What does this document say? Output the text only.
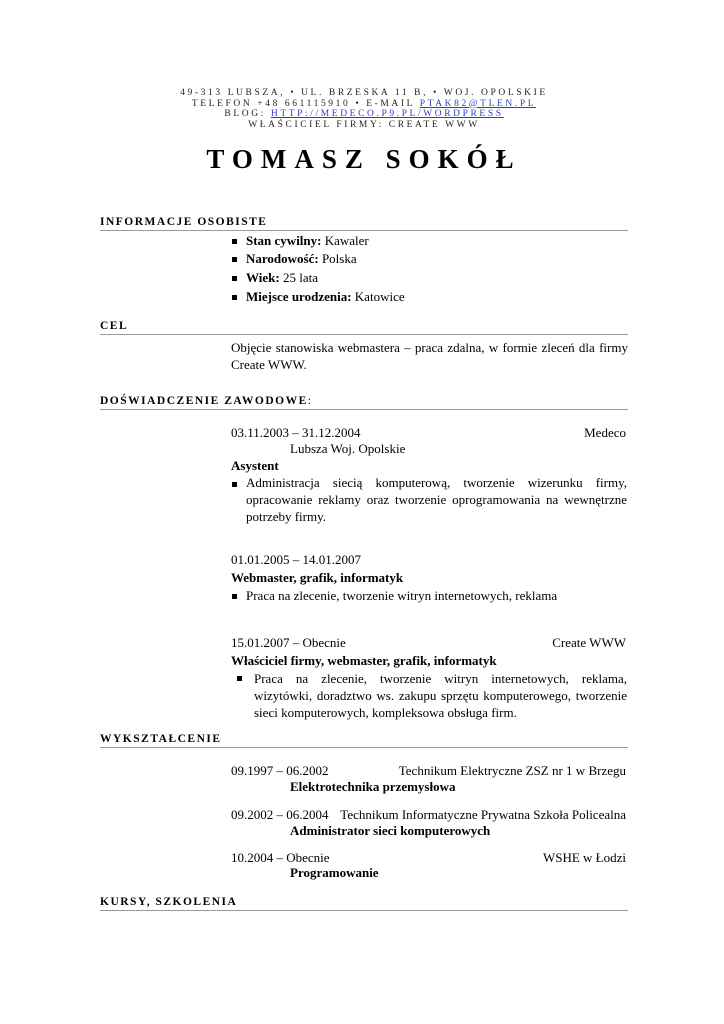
49-313 LUBSZA, • UL. BRZESKA 11 B, • WOJ. OPOLSKIE
TELEFON +48 661115910 • E-MAIL PTAK82@TLEN.PL
BLOG: HTTP://MEDECO.P9.PL/WORDPRESS
WŁAŚCICIEL FIRMY: CREATE WWW
TOMASZ SOKÓŁ
INFORMACJE OSOBISTE
Stan cywilny: Kawaler
Narodowość: Polska
Wiek: 25 lata
Miejsce urodzenia: Katowice
CEL
Objęcie stanowiska webmastera – praca zdalna, w formie zleceń dla firmy Create WWW.
DOŚWIADCZENIE ZAWODOWE:
03.11.2003 – 31.12.2004	Medeco
Lubsza Woj. Opolskie
Asystent
Administracja siecią komputerową, tworzenie wizerunku firmy, opracowanie reklamy oraz tworzenie oprogramowania na wewnętrzne potrzeby firmy.
01.01.2005 – 14.01.2007
Webmaster, grafik, informatyk
Praca na zlecenie, tworzenie witryn internetowych, reklama
15.01.2007 – Obecnie	Create WWW
Właściciel firmy, webmaster, grafik, informatyk
Praca na zlecenie, tworzenie witryn internetowych, reklama, wizytówki, doradztwo ws. zakupu sprzętu komputerowego, tworzenie sieci komputerowych, kompleksowa obsługa firm.
WYKSZTAŁCENIE
09.1997 – 06.2002	Technikum Elektryczne ZSZ nr 1 w Brzegu
Elektrotechnika przemysłowa
09.2002 – 06.2004 Technikum Informatyczne Prywatna Szkoła Policealna
Administrator sieci komputerowych
10.2004 – Obecnie	WSHE w Łodzi
Programowanie
KURSY, SZKOLENIA
